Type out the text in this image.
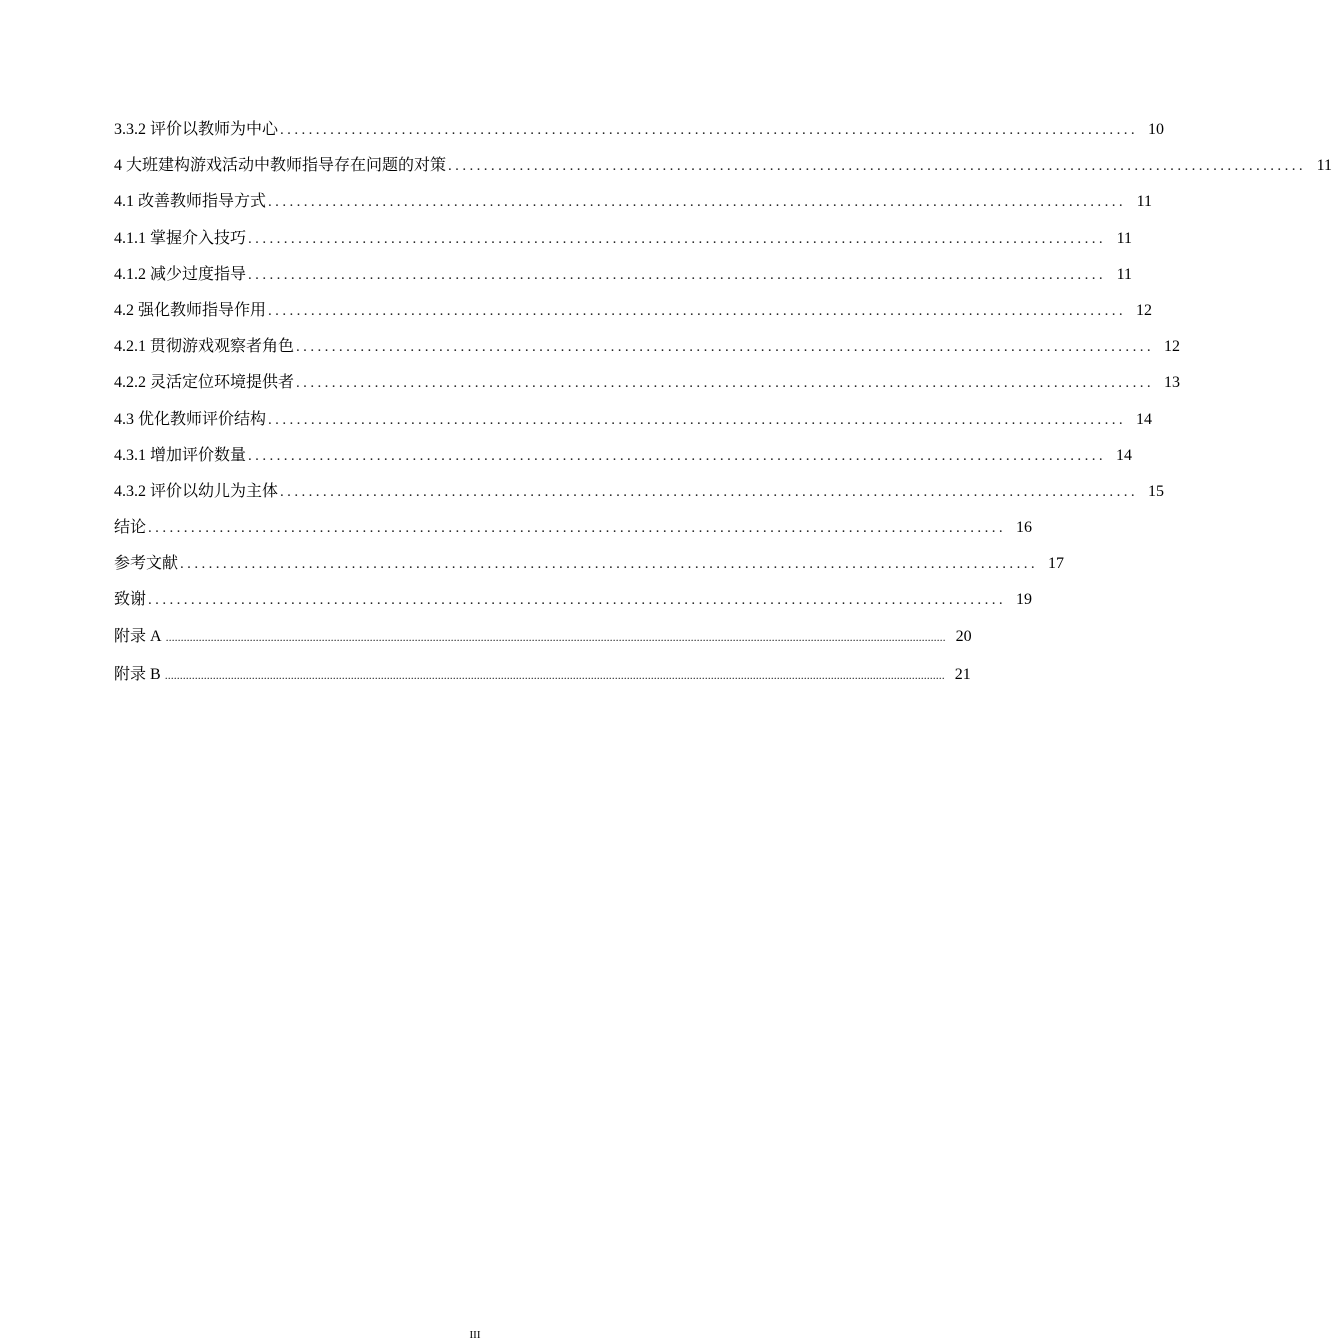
3.3.2 评价以教师为中心 ........................................................................................................................ 10
4 大班建构游戏活动中教师指导存在问题的对策 ........................................................................................................................ 11
4.1 改善教师指导方式 ........................................................................................................................ 11
4.1.1 掌握介入技巧 ........................................................................................................................ 11
4.1.2 减少过度指导 ........................................................................................................................ 11
4.2 强化教师指导作用 ........................................................................................................................ 12
4.2.1 贯彻游戏观察者角色 ........................................................................................................................ 12
4.2.2 灵活定位环境提供者 ........................................................................................................................ 13
4.3 优化教师评价结构 ........................................................................................................................ 14
4.3.1 增加评价数量 ........................................................................................................................ 14
4.3.2 评价以幼儿为主体 ........................................................................................................................ 15
结论 ........................................................................................................................ 16
参考文献 ........................................................................................................................ 17
致谢 ........................................................................................................................ 19
附录 A .................................................................................................................................................................................................................................................................... 20
附录 B .................................................................................................................................................................................................................................................................... 21
III
